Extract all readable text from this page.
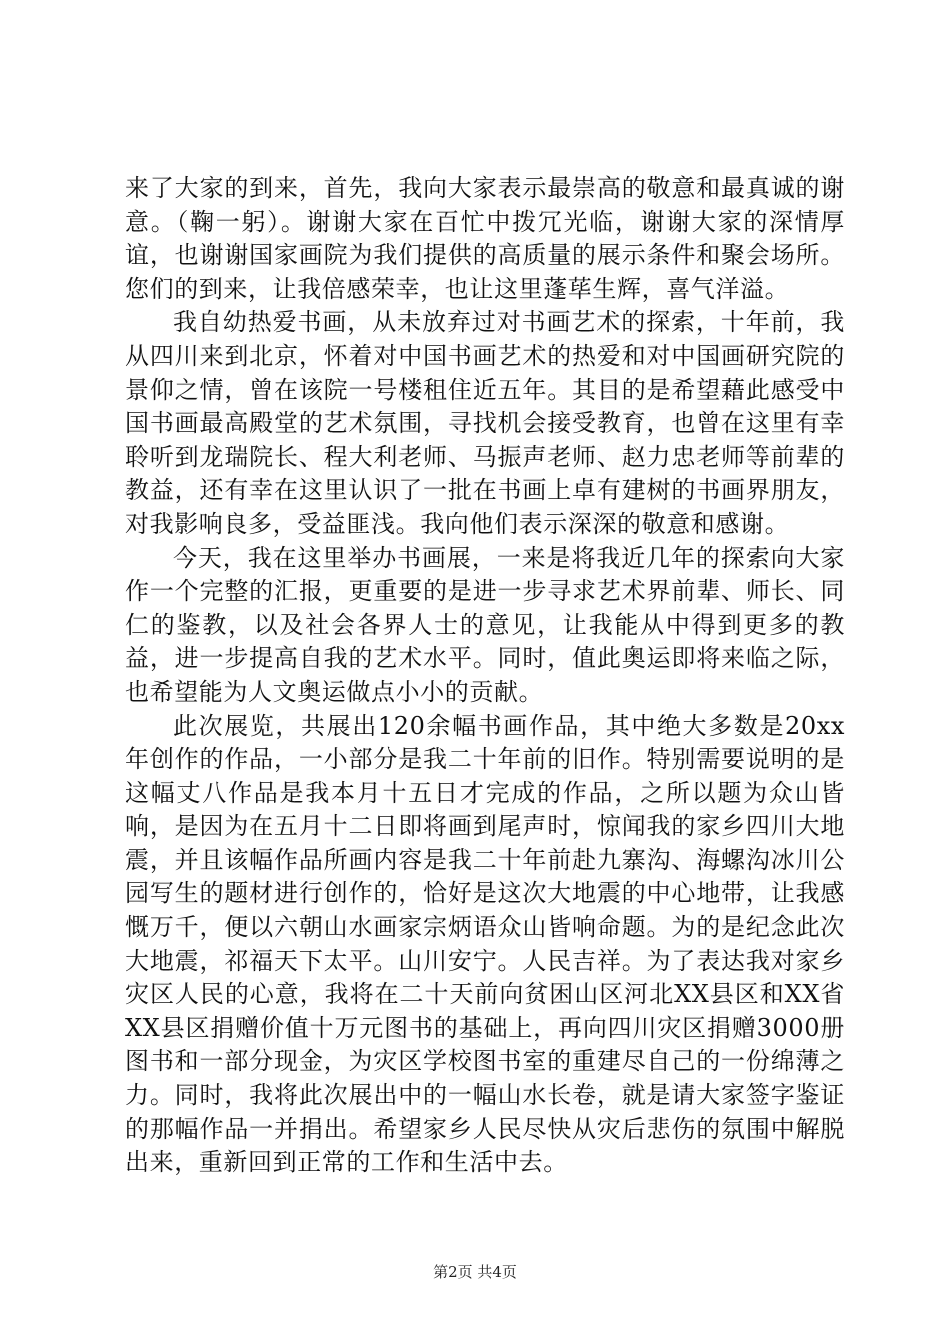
来了大家的到来，首先，我向大家表示最崇高的敬意和最真诚的谢意。（鞠一躬）。谢谢大家在百忙中拨冗光临，谢谢大家的深情厚谊，也谢谢国家画院为我们提供的高质量的展示条件和聚会场所。您们的到来，让我倍感荣幸，也让这里蓬荜生辉，喜气洋溢。

我自幼热爱书画，从未放弃过对书画艺术的探索，十年前，我从四川来到北京，怀着对中国书画艺术的热爱和对中国画研究院的景仰之情，曾在该院一号楼租住近五年。其目的是希望藉此感受中国书画最高殿堂的艺术氛围，寻找机会接受教育，也曾在这里有幸聆听到龙瑞院长、程大利老师、马振声老师、赵力忠老师等前辈的教益，还有幸在这里认识了一批在书画上卓有建树的书画界朋友，对我影响良多，受益匪浅。我向他们表示深深的敬意和感谢。

今天，我在这里举办书画展，一来是将我近几年的探索向大家作一个完整的汇报，更重要的是进一步寻求艺术界前辈、师长、同仁的鉴教，以及社会各界人士的意见，让我能从中得到更多的教益，进一步提高自我的艺术水平。同时，值此奥运即将来临之际，也希望能为人文奥运做点小小的贡献。

此次展览，共展出120余幅书画作品，其中绝大多数是20xx年创作的作品，一小部分是我二十年前的旧作。特别需要说明的是这幅丈八作品是我本月十五日才完成的作品，之所以题为众山皆响，是因为在五月十二日即将画到尾声时，惊闻我的家乡四川大地震，并且该幅作品所画内容是我二十年前赴九寨沟、海螺沟冰川公园写生的题材进行创作的，恰好是这次大地震的中心地带，让我感慨万千，便以六朝山水画家宗炳语众山皆响命题。为的是纪念此次大地震，祁福天下太平。山川安宁。人民吉祥。为了表达我对家乡灾区人民的心意，我将在二十天前向贫困山区河北XX县区和XX省XX县区捐赠价值十万元图书的基础上，再向四川灾区捐赠3000册图书和一部分现金，为灾区学校图书室的重建尽自己的一份绵薄之力。同时，我将此次展出中的一幅山水长卷，就是请大家签字鉴证的那幅作品一并捐出。希望家乡人民尽快从灾后悲伤的氛围中解脱出来，重新回到正常的工作和生活中去。

第2页 共4页
